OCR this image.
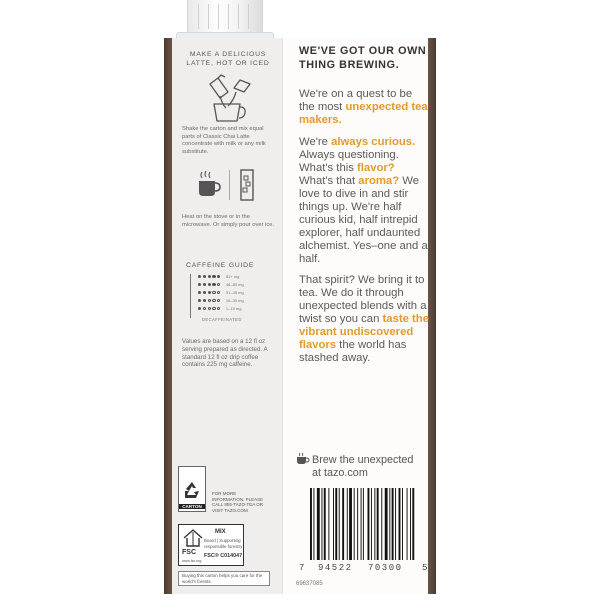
MAKE A DELICIOUS LATTE, HOT OR ICED
Shake the carton and mix equal parts of Classic Chai Latte concentrate with milk or any milk substitute.
Heat on the stove or in the microwave. Or simply pour over ice.
CAFFEINE GUIDE
81+ mg
46–80 mg
31–45 mg
16–30 mg
1–15 mg
DECAFFEINATED
Values are based on a 12 fl oz serving prepared as directed. A standard 12 fl oz drip coffee contains 225 mg caffeine.
CARTON
FOR MORE INFORMATION, PLEASE CALL 855-TAZO-TEA OR VISIT TAZO.COM
FSC
www.fsc.org
MIX
Board | Supporting
responsible forestry
FSC® C014047
Buying this carton helps you care for the world's forests.
WE'VE GOT OUR OWN THING BREWING.
We're on a quest to be the most unexpected tea makers.
We're always curious. Always questioning. What's this flavor? What's that aroma? We love to dive in and stir things up. We're half curious kid, half intrepid explorer, half undaunted alchemist. Yes–one and a half.
That spirit? We bring it to tea. We do it through unexpected blends with a twist so you can taste the vibrant undiscovered flavors the world has stashed away.
Brew the unexpected
at tazo.com
7 94522 70300 5
69637085
